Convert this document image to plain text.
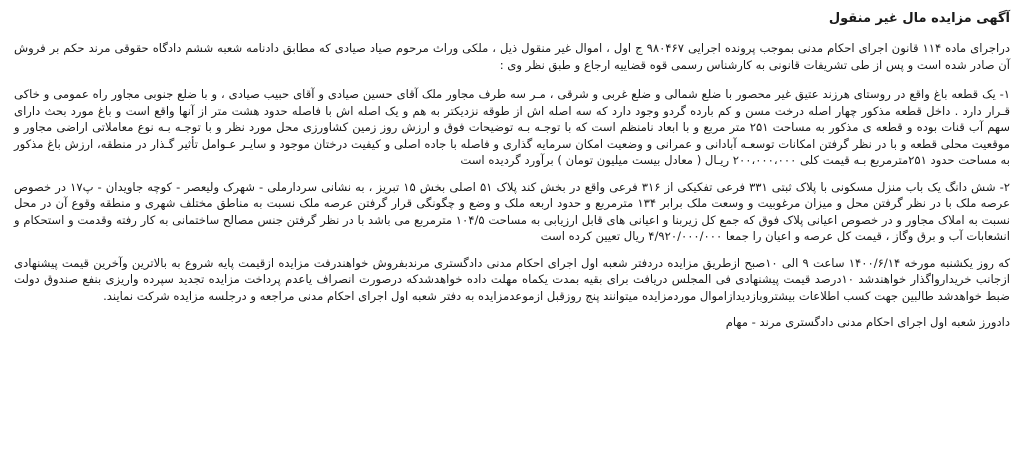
آگهی مزایده مال غیر منقول

دراجرای ماده ۱۱۴ قانون اجرای احکام مدنی بموجب پرونده اجرایی ۹۸۰۴۶۷ ج اول ، اموال غیر منقول ذیل ، ملکی وراث مرحوم صیاد صیادی که مطابق دادنامه شعبه ششم دادگاه حقوقی مرند حکم بر فروش آن صادر شده است و پس از طی تشریفات قانونی به کارشناس رسمی قوه قضاییه ارجاع و طبق نظر وی :

۱- یک قطعه باغ واقع در روستای هرزند عتیق غیر محصور با ضلع شمالی و ضلع غربی و شرقی ، مـر سه طرف مجاور ملک آقای حسین صیادی و آقای حبیب صیادی ، و با ضلع جنوبی مجاور راه عمومی و خاکی قـرار دارد . داخل قطعه مذکور چهار اصله درخت مسن و کم بارده گردو وجود دارد که سه اصله اش از طوقه نزدیکتر به هم و یک اصله اش با فاصله حدود هشت متر از آنها واقع است و باغ مورد بحث دارای سهم آب قنات بوده و قطعه ی مذکور به مساحت ۲۵۱ متر مربع و با ابعاد نامنظم است که با توجـه بـه توضیحات فوق و ارزش روز زمین کشاورزی محل مورد نظر و با توجـه بـه نوع معاملاتی اراضی مجاور و موقعیت محلی قطعه و با در نظر گرفتن امکانات توسعـه آبادانی و عمرانی و وضعیت امکان سرمایه گذاری و فاصله با جاده اصلی و کیفیت درختان موجود و سایـر عـوامل تأثیر گـذار در منطقه، ارزش باغ مذکور به مساحت حدود ۲۵۱مترمربع بـه قیمت کلی ۲۰۰،۰۰۰،۰۰۰ ریـال ( معادل بیست میلیون تومان ) برآورد گردیده است

۲- شش دانگ یک باب منزل مسکونی با پلاک ثبتی ۳۳۱ فرعی تفکیکی از ۳۱۶ فرعی واقع در بخش کند پلاک ۵۱ اصلی بخش ۱۵ تبریز ، به نشانی سردارملی - شهرک ولیعصر - کوچه جاویدان - پ۱۷ در خصوص عرصه ملک با در نظر گرفتن محل و میزان مرغوبیت و وسعت ملک برابر ۱۳۴ مترمربع و حدود اربعه ملک و وضع و چگونگی قرار گرفتن عرصه ملک نسبت به مناطق مختلف شهری و منطقه وقوع آن در محل نسبت به املاک مجاور و در خصوص اعیانی پلاک فوق که جمع کل زیربنا و اعیانی های قابل ارزیابی به مساحت ۱۰۴/۵ مترمربع می باشد با در نظر گرفتن جنس مصالح ساختمانی به کار رفته وقدمت و استحکام و انشعابات آب و برق وگاز ، قیمت کل عرصه و اعیان را جمعا ۴/۹۲۰/۰۰۰/۰۰۰ ریال تعیین کرده است

که روز یکشنبه مورخه ۱۴۰۰/۶/۱۴ ساعت ۹ الی ۱۰صبح ازطریق مزایده دردفتر شعبه اول اجرای احکام مدنی دادگستری مرندبفروش خواهندرفت مزایده ازقیمت پایه شروع به بالاترین وآخرین قیمت پیشنهادی ازجانب خریداروا‌گذار خواهندشد ۱۰درصد قیمت پیشنهادی فی المجلس دریافت برای بقیه بمدت یکماه مهلت داده خواهدشدکه درصورت انصراف یاعدم پرداخت مزایده تجدید سپرده واریزی بنفع صندوق دولت ضبط خواهدشد طالبین جهت کسب اطلاعات بیشتروبازدیدازاموال موردمزایده میتوانند پنج روزقبل ازموعدمزایده به دفتر شعبه اول اجرای احکام مدنی مراجعه و درجلسه مزایده شرکت نمایند.

دادورز شعبه اول اجرای احکام مدنی دادگستری مرند - مهام
